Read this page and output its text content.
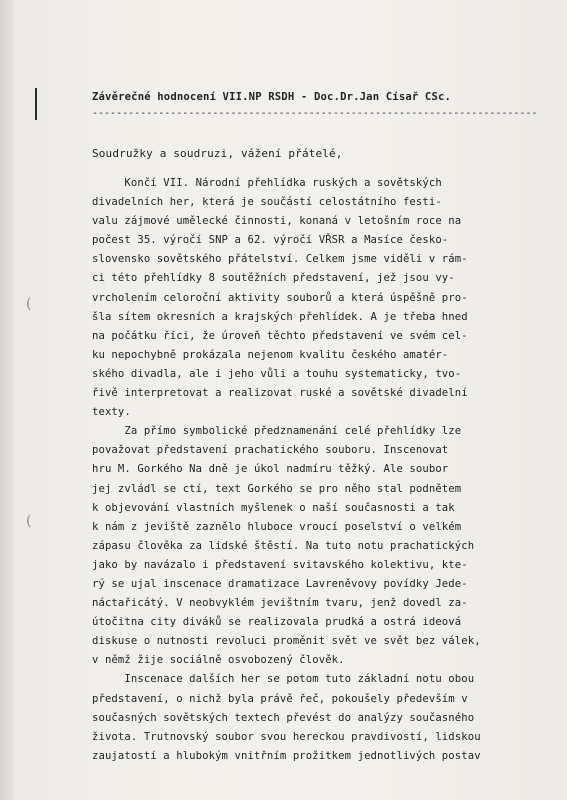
(
(
Závěrečné hodnocení VII.NP RSDH - Doc.Dr.Jan Císař CSc.
--------------------------------------------------------------------------
Soudružky a soudruzi, vážení přátelé,
Končí VII. Národní přehlídka ruských a sovětských
divadelních her, která je součástí celostátního festi-
valu zájmové umělecké činnosti, konaná v letošním roce na
počest 35. výročí SNP a 62. výročí VŘSR a Masíce česko-
slovensko sovětského přátelství. Celkem jsme viděli v rám-
ci této přehlídky 8 soutěžních představení, jež jsou vy-
vrcholením celoroční aktivity souborů a která úspěšně pro-
šla sítem okresních a krajských přehlídek. A je třeba hned
na počátku říci, že úroveň těchto představení ve svém cel-
ku nepochybně prokázala nejenom kvalitu českého amatér-
ského divadla, ale i jeho vůli a touhu systematicky, tvo-
řivě interpretovat a realizovat ruské a sovětské divadelní
texty.
Za přímo symbolické předznamenání celé přehlídky lze
považovat představení prachatického souboru. Inscenovat
hru M. Gorkého Na dně je úkol nadmíru těžký. Ale soubor
jej zvládl se ctí, text Gorkého se pro něho stal podnětem
k objevování vlastních myšlenek o naší současnosti a tak
k nám z jeviště zaznělo hluboce vroucí poselství o velkém
zápasu člověka za lidské štěstí. Na tuto notu prachatických
jako by navázalo i představení svitavského kolektivu, kte-
rý se ujal inscenace dramatizace Lavreněvovy povídky Jede-
náctařicátý. V neobvyklém jevištním tvaru, jenž dovedl za-
útočitna city diváků se realizovala prudká a ostrá ideová
diskuse o nutnosti revoluci proměnit svět ve svět bez válek,
v němž žije sociálně osvobozený člověk.
Inscenace dalších her se potom tuto základní notu obou
představení, o nichž byla právě řeč, pokoušely především v
současných sovětských textech převést do analýzy současného
života. Trutnovský soubor svou hereckou pravdivostí, lidskou
zaujatostí a hlubokým vnitřním prožitkem jednotlivých postav
